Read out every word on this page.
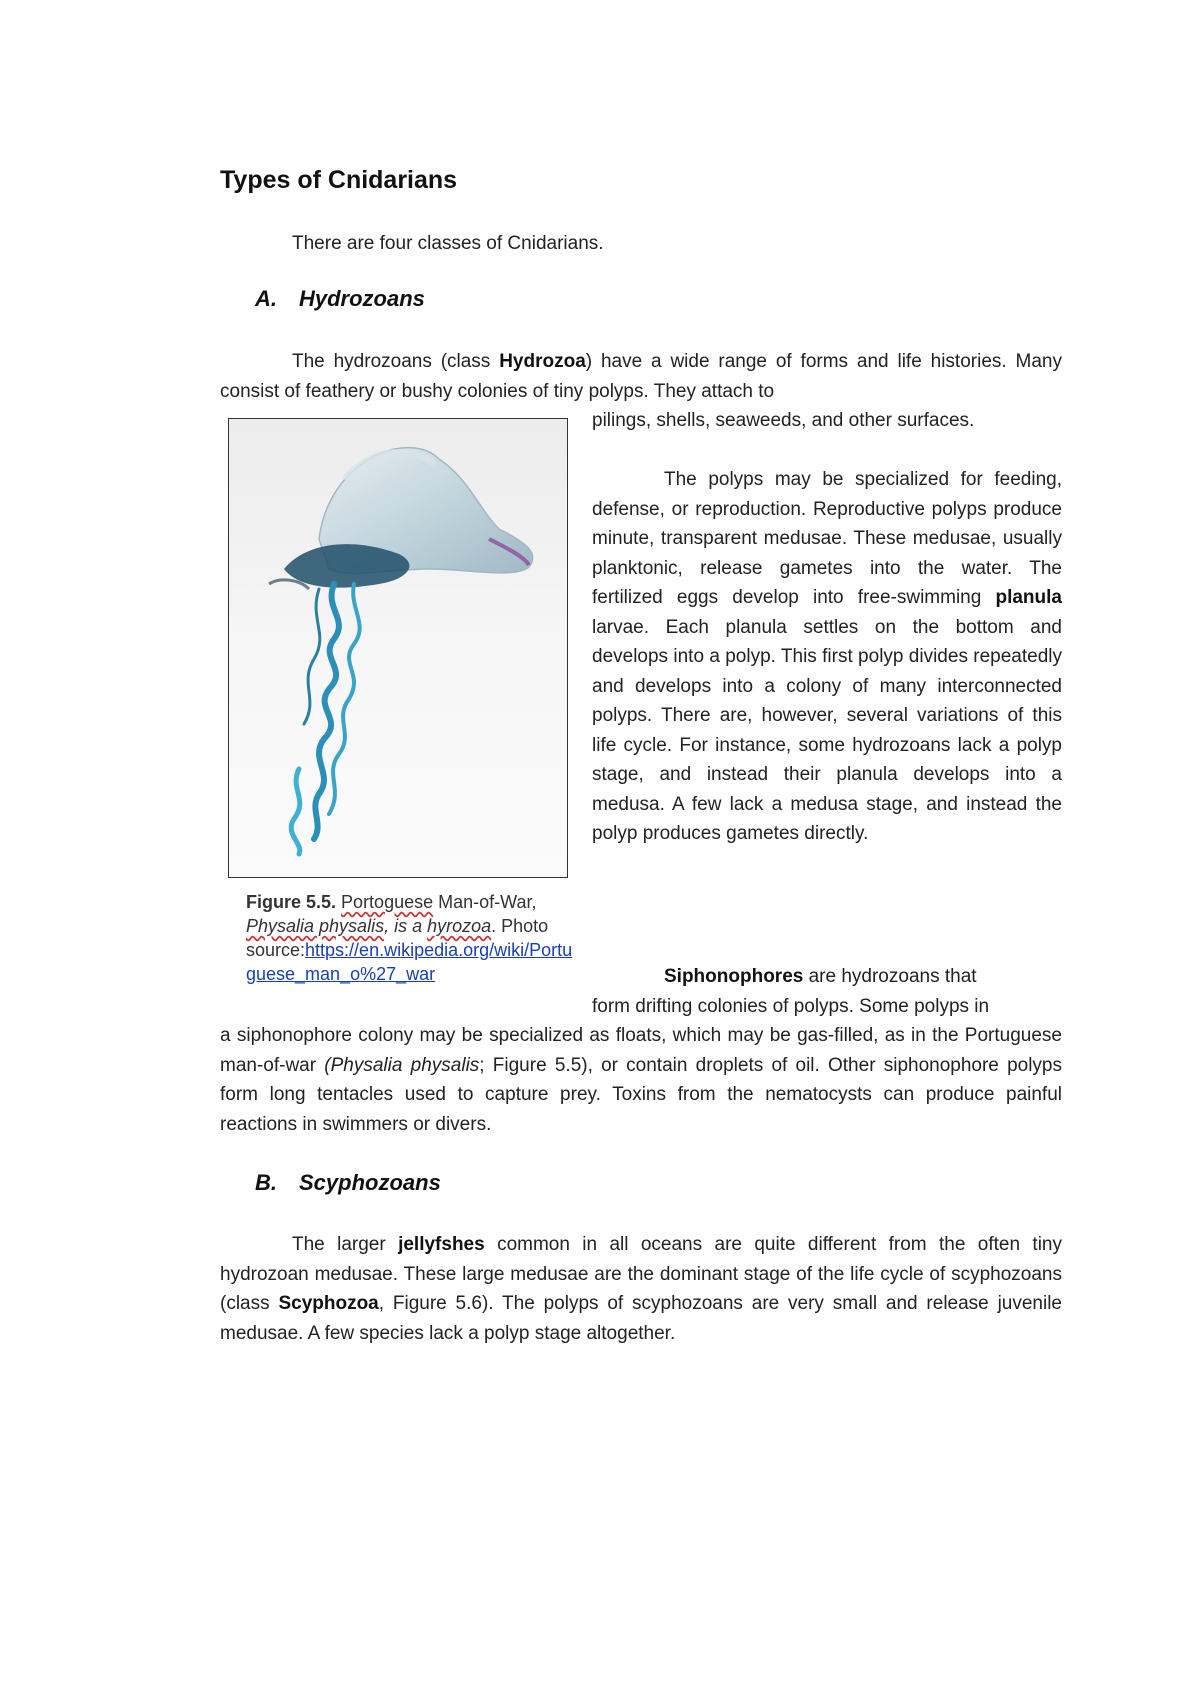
Types of Cnidarians

There are four classes of Cnidarians.

A. Hydrozoans

The hydrozoans (class Hydrozoa) have a wide range of forms and life histories. Many consist of feathery or bushy colonies of tiny polyps. They attach to

pilings, shells, seaweeds, and other surfaces.

The polyps may be specialized for feeding, defense, or reproduction. Reproductive polyps produce minute, transparent medusae. These medusae, usually planktonic, release gametes into the water. The fertilized eggs develop into free-swimming planula larvae. Each planula settles on the bottom and develops into a polyp. This first polyp divides repeatedly and develops into a colony of many interconnected polyps. There are, however, several variations of this life cycle. For instance, some hydrozoans lack a polyp stage, and instead their planula develops into a medusa. A few lack a medusa stage, and instead the polyp produces gametes directly.

Siphonophores are hydrozoans that

form drifting colonies of polyps. Some polyps in

a siphonophore colony may be specialized as floats, which may be gas-filled, as in the Portuguese man-of-war (Physalia physalis; Figure 5.5), or contain droplets of oil. Other siphonophore polyps form long tentacles used to capture prey. Toxins from the nematocysts can produce painful reactions in swimmers or divers.

Figure 5.5. Portoguese Man-of-War,
Physalia physalis, is a hyrozoa. Photo
source:https://en.wikipedia.org/wiki/Portuguese_man_o%27_war

B. Scyphozoans

The larger jellyfshes common in all oceans are quite different from the often tiny hydrozoan medusae. These large medusae are the dominant stage of the life cycle of scyphozoans (class Scyphozoa, Figure 5.6). The polyps of scyphozoans are very small and release juvenile medusae. A few species lack a polyp stage altogether.
